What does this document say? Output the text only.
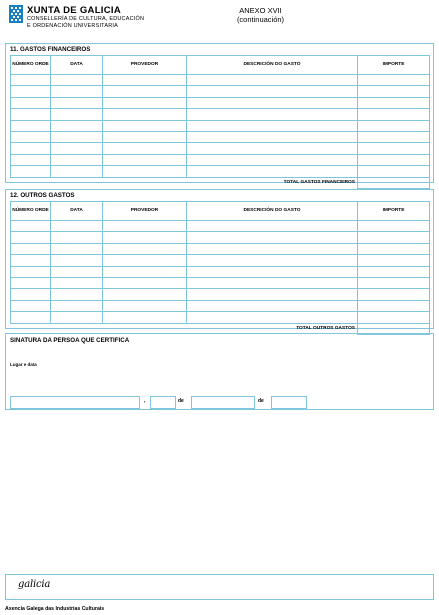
XUNTA DE GALICIA
CONSELLERÍA DE CULTURA, EDUCACIÓN
E ORDENACIÓN UNIVERSITARIA
ANEXO XVII
(continuación)
11. GASTOS FINANCEIROS
NÚMERO ORDE	DATA	PROVEDOR	DESCRICIÓN DO GASTO	IMPORTE

TOTAL GASTOS FINANCEIROS				
12. OUTROS GASTOS
NÚMERO ORDE	DATA	PROVEDOR	DESCRICIÓN DO GASTO	IMPORTE

TOTAL OUTROS GASTOS				
SINATURA DA PERSOA QUE CERTIFICA
Lugar e data
,	de	de
galicia
Axencia Galega das Industrias Culturais
